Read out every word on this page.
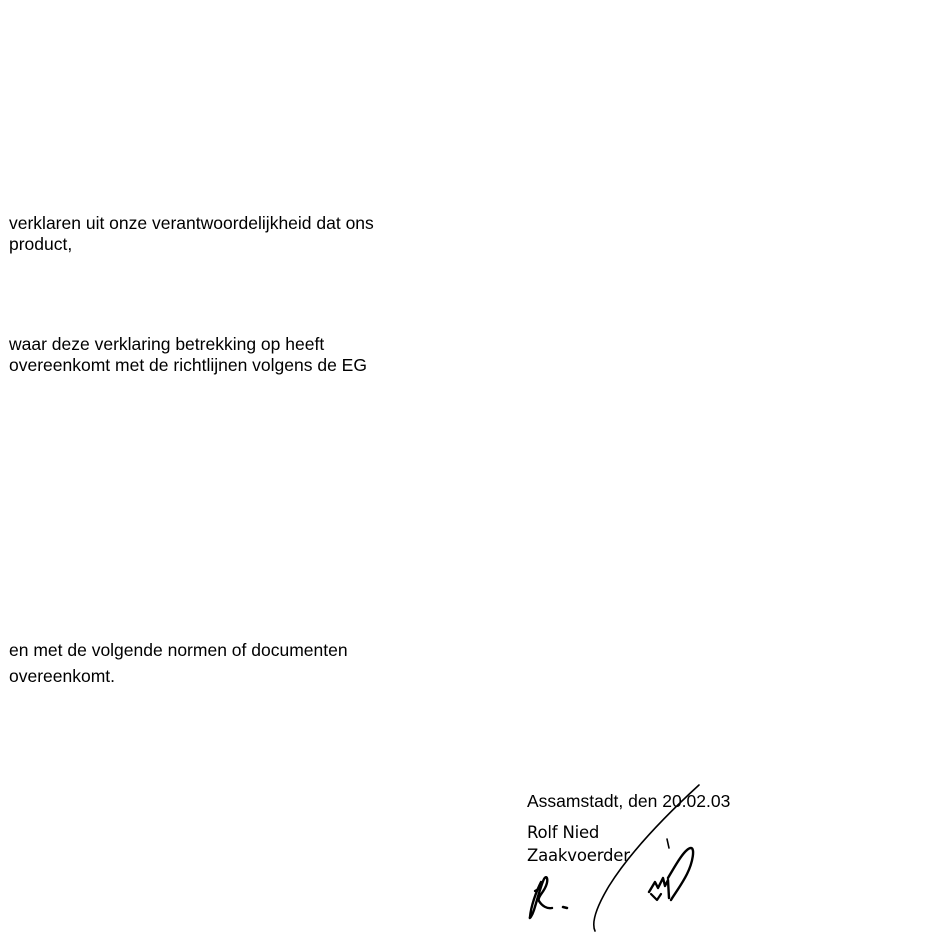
verklaren uit onze verantwoordelijkheid dat ons
product,

waar deze verklaring betrekking op heeft
overeenkomt met de richtlijnen volgens de EG

en met de volgende normen of documenten
overeenkomt.

Assamstadt, den 20.02.03
Rolf Nied
Zaakvoerder
